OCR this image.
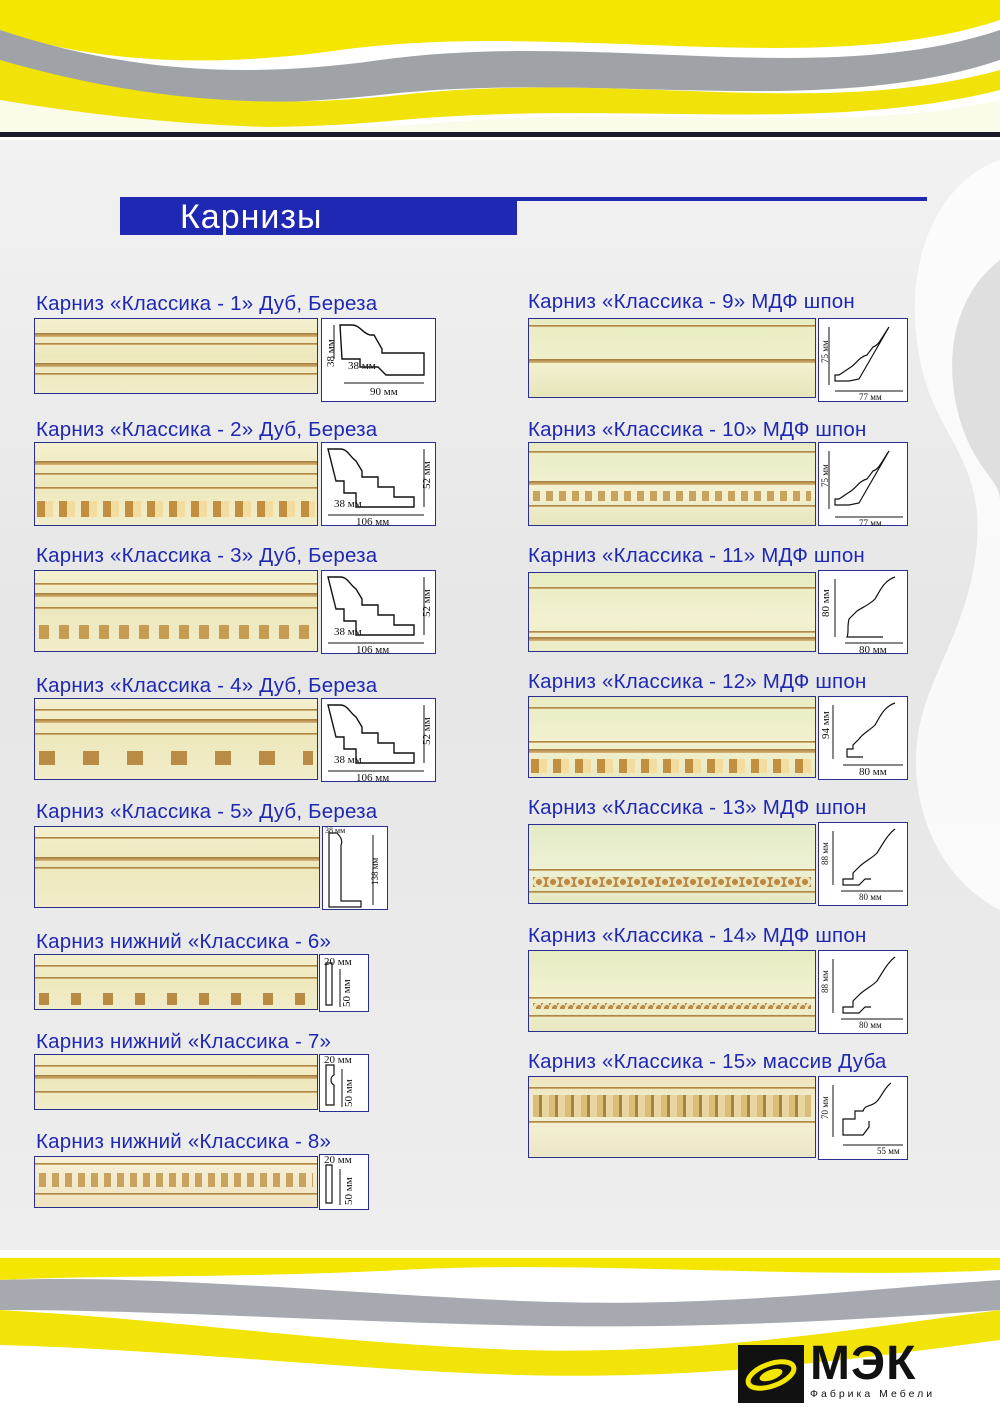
Карнизы
Карниз «Классика - 1» Дуб, Береза
38 мм 38 мм
90 мм
Карниз «Классика - 2» Дуб, Береза
52 мм
38 мм
106 мм
Карниз «Классика - 3» Дуб, Береза
52 мм
38 мм
106 мм
Карниз «Классика - 4» Дуб, Береза
52 мм
38 мм
106 мм
Карниз «Классика - 5» Дуб, Береза
38 мм
138 мм
Карниз нижний «Классика - 6»
20 мм
50 мм
Карниз нижний «Классика - 7»
20 мм
50 мм
Карниз нижний «Классика - 8»
20 мм
50 мм
Карниз «Классика - 9» МДФ шпон
75 мм
77 мм
Карниз «Классика - 10» МДФ шпон
75 мм
77 мм
Карниз «Классика - 11» МДФ шпон
80 мм
80 мм
Карниз «Классика - 12» МДФ шпон
94 мм
80 мм
Карниз «Классика - 13» МДФ шпон
88 мм
80 мм
Карниз «Классика - 14» МДФ шпон
88 мм
80 мм
Карниз «Классика - 15» массив Дуба
70 мм
55 мм
МЭК
Фабрика Мебели
